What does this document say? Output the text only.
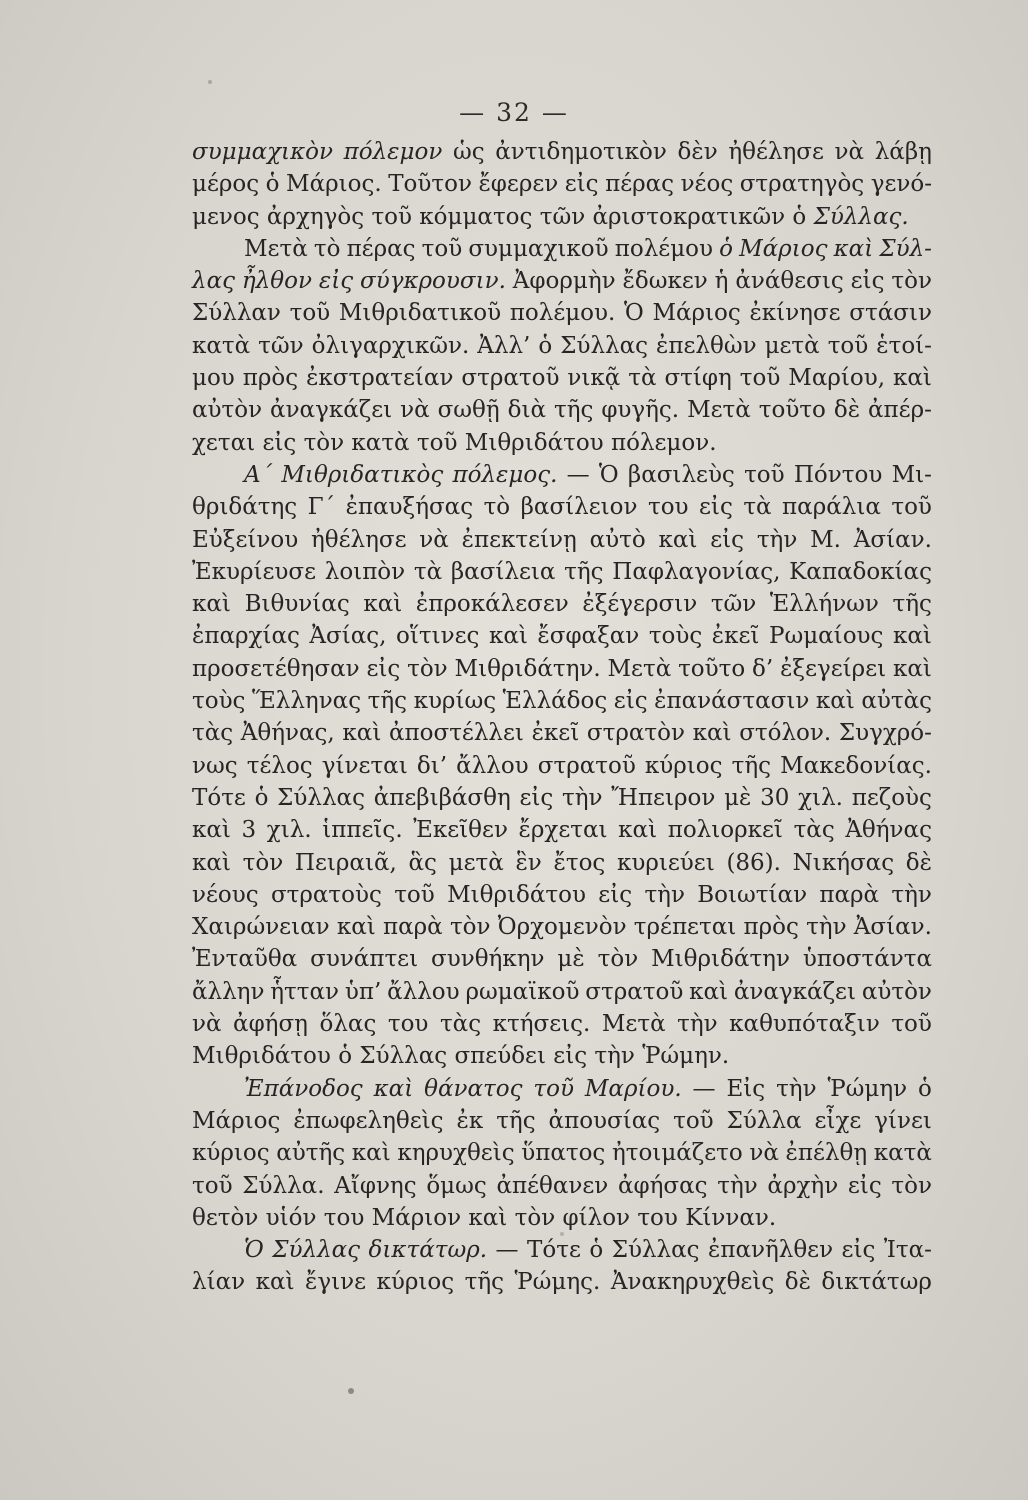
— 32 —
συμμαχικὸν πόλεμον ὡς ἀντιδημοτικὸν δὲν ἠθέλησε νὰ λάβῃ
μέρος ὁ Μάριος. Τοῦτον ἔφερεν εἰς πέρας νέος στρατηγὸς γενό-
μενος ἀρχηγὸς τοῦ κόμματος τῶν ἀριστοκρατικῶν ὁ Σύλλας.
Μετὰ τὸ πέρας τοῦ συμμαχικοῦ πολέμου ὁ Μάριος καὶ Σύλ-
λας ἦλθον εἰς σύγκρουσιν. Ἀφορμὴν ἔδωκεν ἡ ἀνάθεσις εἰς τὸν
Σύλλαν τοῦ Μιθριδατικοῦ πολέμου. Ὁ Μάριος ἐκίνησε στάσιν
κατὰ τῶν ὀλιγαρχικῶν. Ἀλλ’ ὁ Σύλλας ἐπελθὼν μετὰ τοῦ ἑτοί-
μου πρὸς ἐκστρατείαν στρατοῦ νικᾷ τὰ στίφη τοῦ Μαρίου, καὶ
αὐτὸν ἀναγκάζει νὰ σωθῇ διὰ τῆς φυγῆς. Μετὰ τοῦτο δὲ ἀπέρ-
χεται εἰς τὸν κατὰ τοῦ Μιθριδάτου πόλεμον.
Α´ Μιθριδατικὸς πόλεμος. — Ὁ βασιλεὺς τοῦ Πόντου Μι-
θριδάτης Γ´ ἐπαυξήσας τὸ βασίλειον του εἰς τὰ παράλια τοῦ
Εὐξείνου ἠθέλησε νὰ ἐπεκτείνῃ αὐτὸ καὶ εἰς τὴν Μ. Ἀσίαν.
Ἐκυρίευσε λοιπὸν τὰ βασίλεια τῆς Παφλαγονίας, Καπαδοκίας
καὶ Βιθυνίας καὶ ἐπροκάλεσεν ἐξέγερσιν τῶν Ἑλλήνων τῆς
ἐπαρχίας Ἀσίας, οἵτινες καὶ ἔσφαξαν τοὺς ἐκεῖ Ρωμαίους καὶ
προσετέθησαν εἰς τὸν Μιθριδάτην. Μετὰ τοῦτο δ’ ἐξεγείρει καὶ
τοὺς Ἕλληνας τῆς κυρίως Ἑλλάδος εἰς ἐπανάστασιν καὶ αὐτὰς
τὰς Ἀθήνας, καὶ ἀποστέλλει ἐκεῖ στρατὸν καὶ στόλον. Συγχρό-
νως τέλος γίνεται δι’ ἄλλου στρατοῦ κύριος τῆς Μακεδονίας.
Τότε ὁ Σύλλας ἀπεβιβάσθη εἰς τὴν Ἤπειρον μὲ 30 χιλ. πεζοὺς
καὶ 3 χιλ. ἱππεῖς. Ἐκεῖθεν ἔρχεται καὶ πολιορκεῖ τὰς Ἀθήνας
καὶ τὸν Πειραιᾶ, ἃς μετὰ ἓν ἔτος κυριεύει (86). Νικήσας δὲ
νέους στρατοὺς τοῦ Μιθριδάτου εἰς τὴν Βοιωτίαν παρὰ τὴν
Χαιρώνειαν καὶ παρὰ τὸν Ὀρχομενὸν τρέπεται πρὸς τὴν Ἀσίαν.
Ἐνταῦθα συνάπτει συνθήκην μὲ τὸν Μιθριδάτην ὑποστάντα
ἄλλην ἧτταν ὑπ’ ἄλλου ρωμαϊκοῦ στρατοῦ καὶ ἀναγκάζει αὐτὸν
νὰ ἀφήσῃ ὅλας του τὰς κτήσεις. Μετὰ τὴν καθυπόταξιν τοῦ
Μιθριδάτου ὁ Σύλλας σπεύδει εἰς τὴν Ῥώμην.
Ἐπάνοδος καὶ θάνατος τοῦ Μαρίου. — Εἰς τὴν Ῥώμην ὁ
Μάριος ἐπωφεληθεὶς ἐκ τῆς ἀπουσίας τοῦ Σύλλα εἶχε γίνει
κύριος αὐτῆς καὶ κηρυχθεὶς ὕπατος ἠτοιμάζετο νὰ ἐπέλθῃ κατὰ
τοῦ Σύλλα. Αἴφνης ὅμως ἀπέθανεν ἀφήσας τὴν ἀρχὴν εἰς τὸν
θετὸν υἱόν του Μάριον καὶ τὸν φίλον του Κίνναν.
Ὁ Σύλλας δικτάτωρ. — Τότε ὁ Σύλλας ἐπανῆλθεν εἰς Ἰτα-
λίαν καὶ ἔγινε κύριος τῆς Ῥώμης. Ἀνακηρυχθεὶς δὲ δικτάτωρ
